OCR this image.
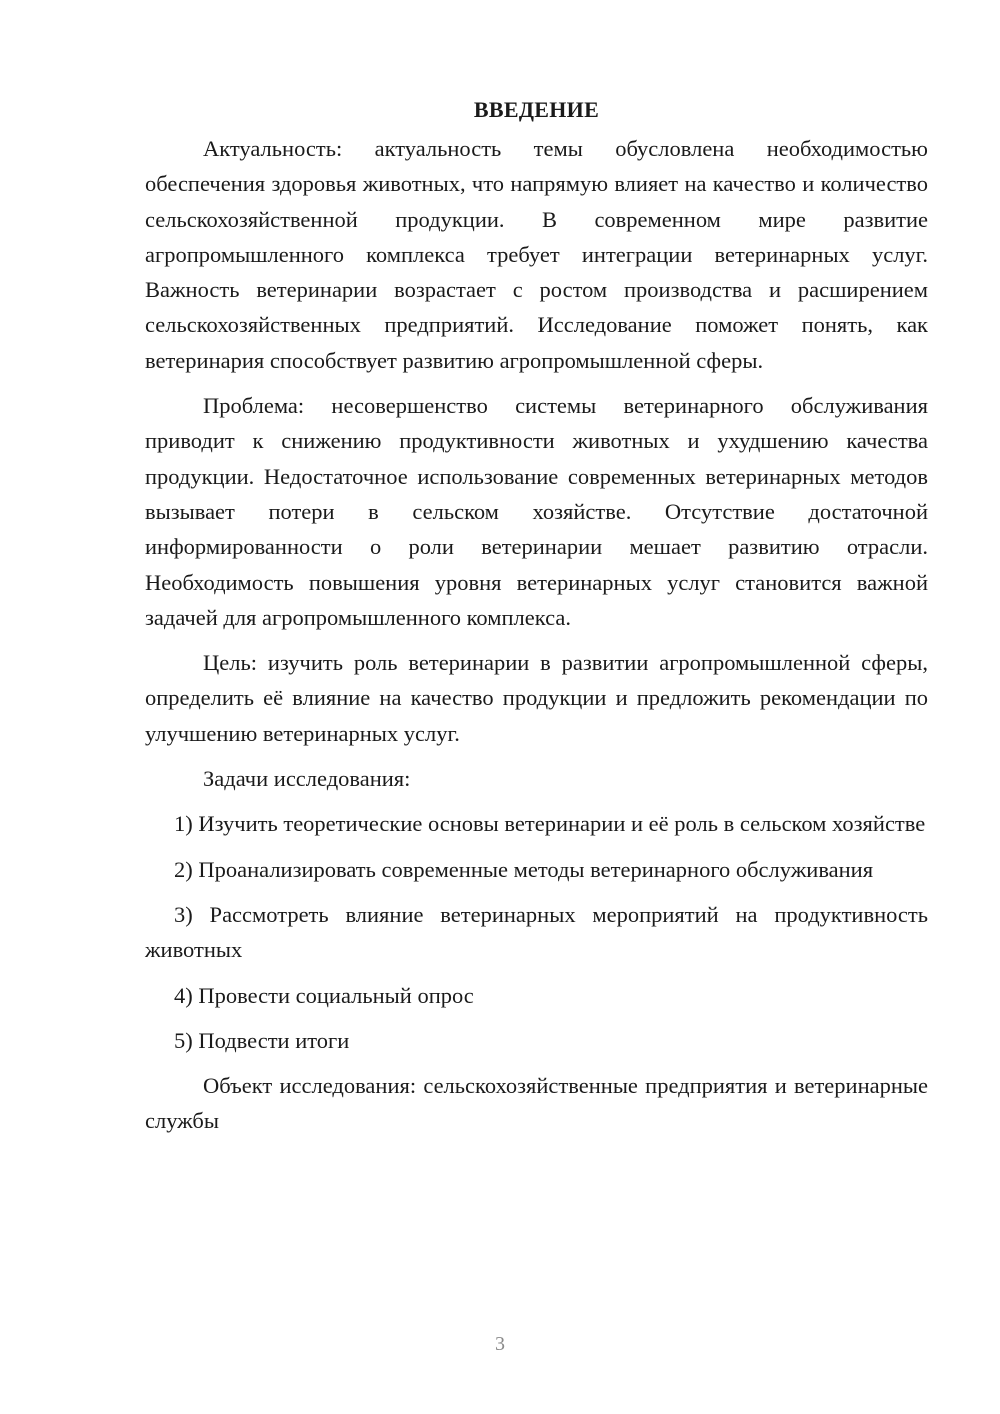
ВВЕДЕНИЕ

Актуальность: актуальность темы обусловлена необходимостью обеспечения здоровья животных, что напрямую влияет на качество и количество сельскохозяйственной продукции. В современном мире развитие агропромышленного комплекса требует интеграции ветеринарных услуг. Важность ветеринарии возрастает с ростом производства и расширением сельскохозяйственных предприятий. Исследование поможет понять, как ветеринария способствует развитию агропромышленной сферы.

Проблема: несовершенство системы ветеринарного обслуживания приводит к снижению продуктивности животных и ухудшению качества продукции. Недостаточное использование современных ветеринарных методов вызывает потери в сельском хозяйстве. Отсутствие достаточной информированности о роли ветеринарии мешает развитию отрасли. Необходимость повышения уровня ветеринарных услуг становится важной задачей для агропромышленного комплекса.

Цель: изучить роль ветеринарии в развитии агропромышленной сферы, определить её влияние на качество продукции и предложить рекомендации по улучшению ветеринарных услуг.

Задачи исследования:

1) Изучить теоретические основы ветеринарии и её роль в сельском хозяйстве

2) Проанализировать современные методы ветеринарного обслуживания

3) Рассмотреть влияние ветеринарных мероприятий на продуктивность животных

4) Провести социальный опрос

5) Подвести итоги

Объект исследования: сельскохозяйственные предприятия и ветеринарные службы

3
